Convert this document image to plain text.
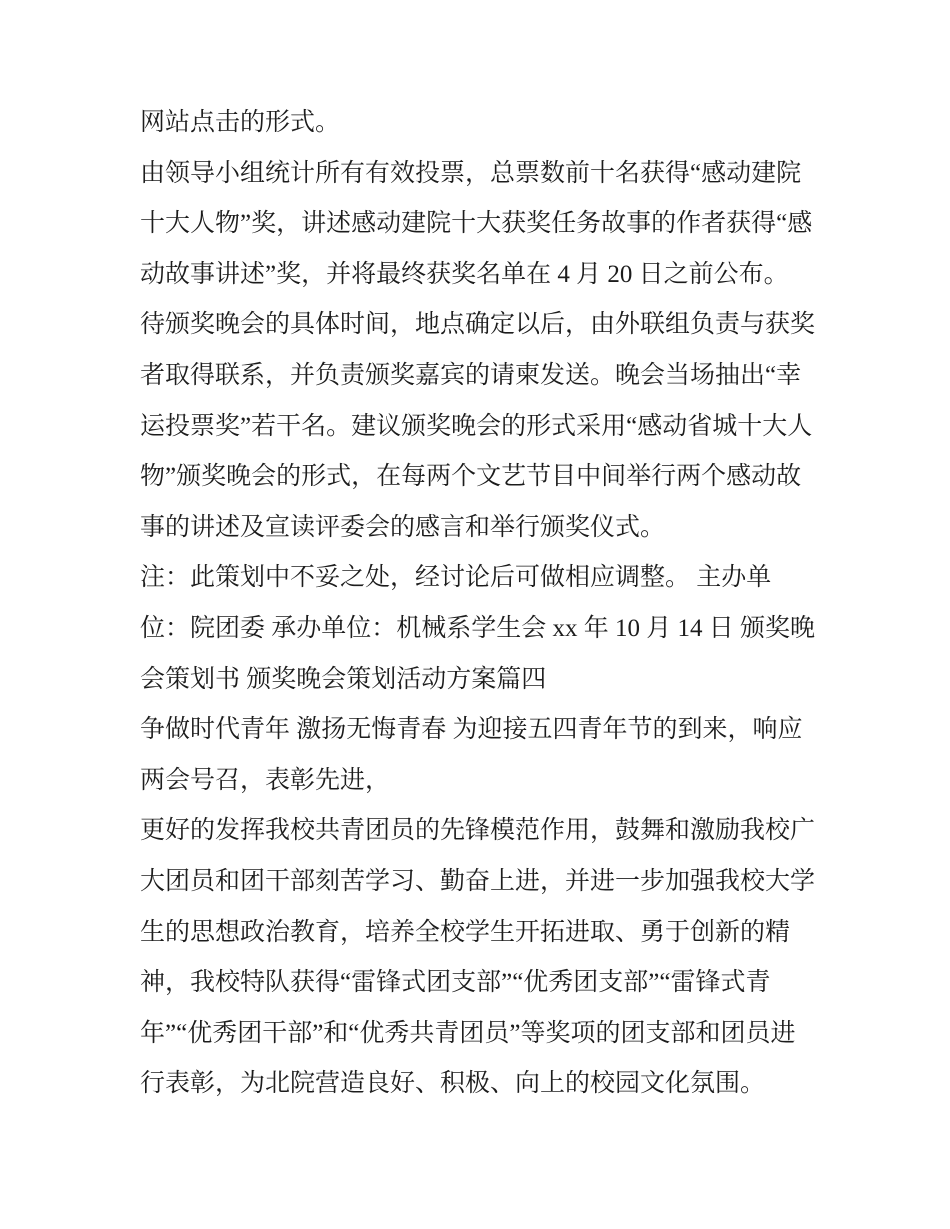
网站点击的形式。
由领导小组统计所有有效投票，总票数前十名获得“感动建院
十大人物”奖，讲述感动建院十大获奖任务故事的作者获得“感
动故事讲述”奖，并将最终获奖名单在 4 月 20 日之前公布。
待颁奖晚会的具体时间，地点确定以后，由外联组负责与获奖
者取得联系，并负责颁奖嘉宾的请柬发送。晚会当场抽出“幸
运投票奖”若干名。建议颁奖晚会的形式采用“感动省城十大人
物”颁奖晚会的形式，在每两个文艺节目中间举行两个感动故
事的讲述及宣读评委会的感言和举行颁奖仪式。
注：此策划中不妥之处，经讨论后可做相应调整。 主办单
位：院团委 承办单位：机械系学生会 xx 年 10 月 14 日 颁奖晚
会策划书 颁奖晚会策划活动方案篇四
争做时代青年 激扬无悔青春 为迎接五四青年节的到来，响应
两会号召，表彰先进，
更好的发挥我校共青团员的先锋模范作用，鼓舞和激励我校广
大团员和团干部刻苦学习、勤奋上进，并进一步加强我校大学
生的思想政治教育，培养全校学生开拓进取、勇于创新的精
神，我校特队获得“雷锋式团支部”“优秀团支部”“雷锋式青
年”“优秀团干部”和“优秀共青团员”等奖项的团支部和团员进
行表彰，为北院营造良好、积极、向上的校园文化氛围。
